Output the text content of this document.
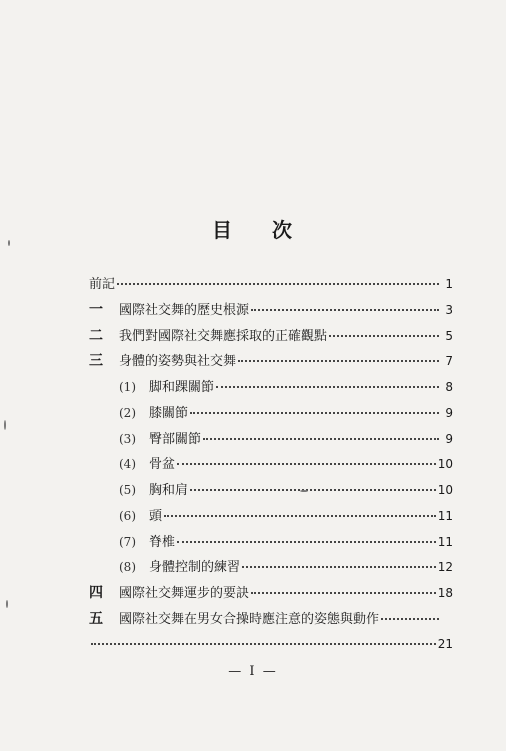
目 次
前記	1
一	國際社交舞的歷史根源	3
二	我們對國際社交舞應採取的正確觀點	5
三	身體的姿勢與社交舞	7
(1)	脚和踝關節	8
(2)	膝關節	9
(3)	臀部關節	9
(4)	骨盆	10
(5)	胸和肩	10
(6)	頭	11
(7)	脊椎	11
(8)	身體控制的練習	12
四	國際社交舞運步的要訣	18
五	國際社交舞在男女合操時應注意的姿態與動作
21
— I —
